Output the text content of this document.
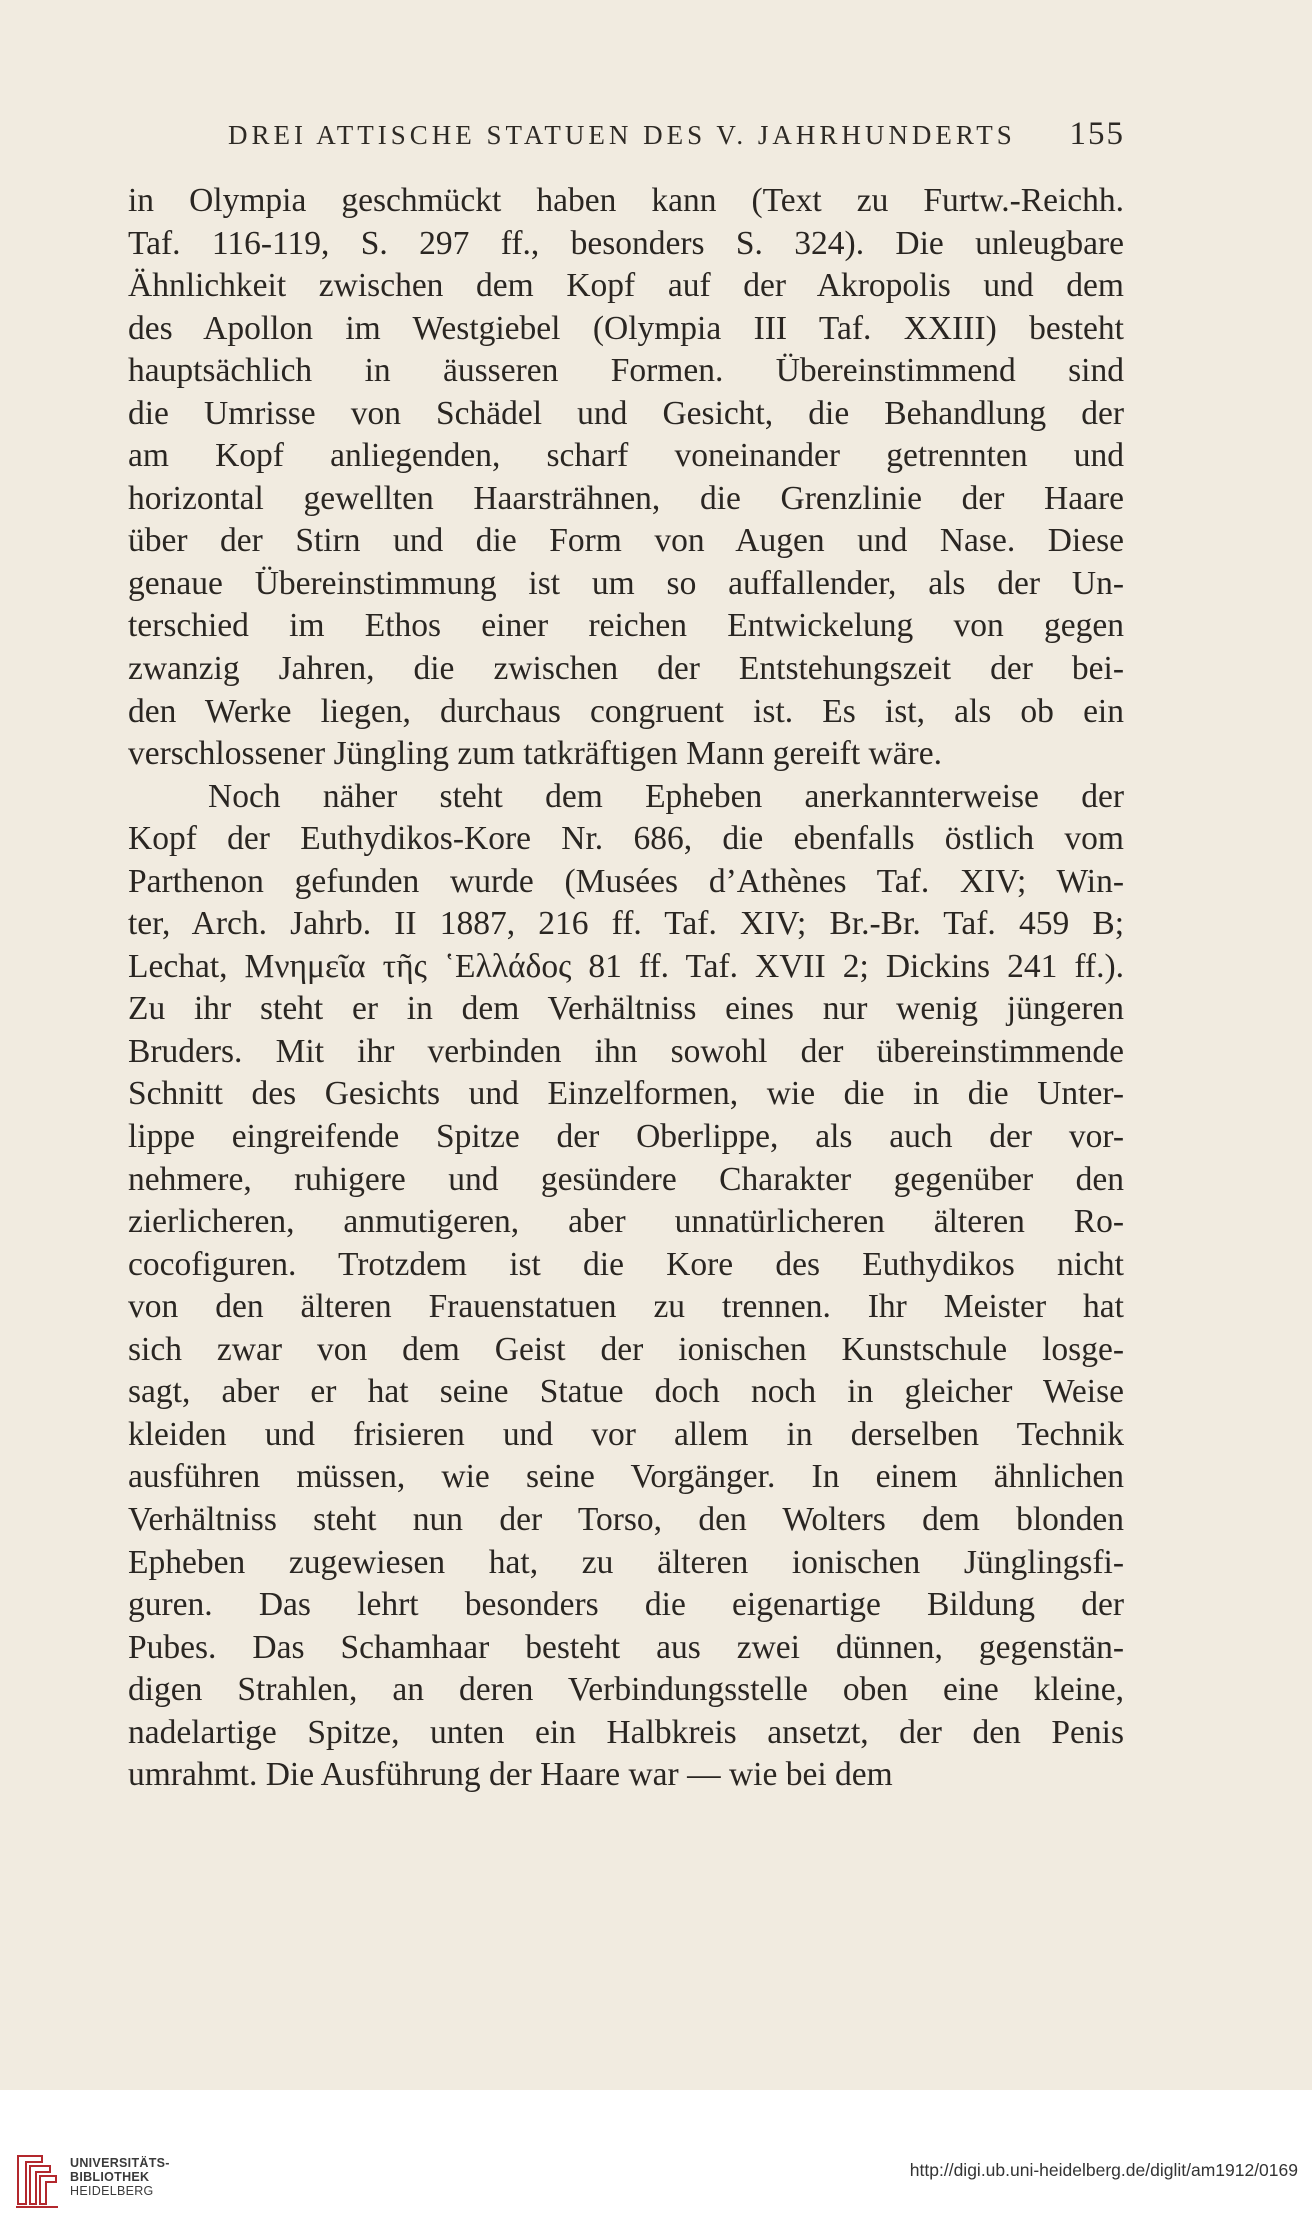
DREI ATTISCHE STATUEN DES V. JAHRHUNDERTS 155
in Olympia geschmückt haben kann (Text zu Furtw.-Reichh.
Taf. 116-119, S. 297 ff., besonders S. 324). Die unleugbare
Ähnlichkeit zwischen dem Kopf auf der Akropolis und dem
des Apollon im Westgiebel (Olympia III Taf. XXIII) besteht
hauptsächlich in äusseren Formen. Übereinstimmend sind
die Umrisse von Schädel und Gesicht, die Behandlung der
am Kopf anliegenden, scharf voneinander getrennten und
horizontal gewellten Haarsträhnen, die Grenzlinie der Haare
über der Stirn und die Form von Augen und Nase. Diese
genaue Übereinstimmung ist um so auffallender, als der Un-
terschied im Ethos einer reichen Entwickelung von gegen
zwanzig Jahren, die zwischen der Entstehungszeit der bei-
den Werke liegen, durchaus congruent ist. Es ist, als ob ein
verschlossener Jüngling zum tatkräftigen Mann gereift wäre.
Noch näher steht dem Epheben anerkannterweise der
Kopf der Euthydikos-Kore Nr. 686, die ebenfalls östlich vom
Parthenon gefunden wurde (Musées d’Athènes Taf. XIV; Win-
ter, Arch. Jahrb. II 1887, 216 ff. Taf. XIV; Br.-Br. Taf. 459 B;
Lechat, Μνημεῖα τῆς ῾Ελλάδος 81 ff. Taf. XVII 2; Dickins 241 ff.).
Zu ihr steht er in dem Verhältniss eines nur wenig jüngeren
Bruders. Mit ihr verbinden ihn sowohl der übereinstimmende
Schnitt des Gesichts und Einzelformen, wie die in die Unter-
lippe eingreifende Spitze der Oberlippe, als auch der vor-
nehmere, ruhigere und gesündere Charakter gegenüber den
zierlicheren, anmutigeren, aber unnatürlicheren älteren Ro-
cocofiguren. Trotzdem ist die Kore des Euthydikos nicht
von den älteren Frauenstatuen zu trennen. Ihr Meister hat
sich zwar von dem Geist der ionischen Kunstschule losge-
sagt, aber er hat seine Statue doch noch in gleicher Weise
kleiden und frisieren und vor allem in derselben Technik
ausführen müssen, wie seine Vorgänger. In einem ähnlichen
Verhältniss steht nun der Torso, den Wolters dem blonden
Epheben zugewiesen hat, zu älteren ionischen Jünglingsfi-
guren. Das lehrt besonders die eigenartige Bildung der
Pubes. Das Schamhaar besteht aus zwei dünnen, gegenstän-
digen Strahlen, an deren Verbindungsstelle oben eine kleine,
nadelartige Spitze, unten ein Halbkreis ansetzt, der den Penis
umrahmt. Die Ausführung der Haare war — wie bei dem
UNIVERSITÄTS-
BIBLIOTHEK
HEIDELBERG
http://digi.ub.uni-heidelberg.de/diglit/am1912/0169
